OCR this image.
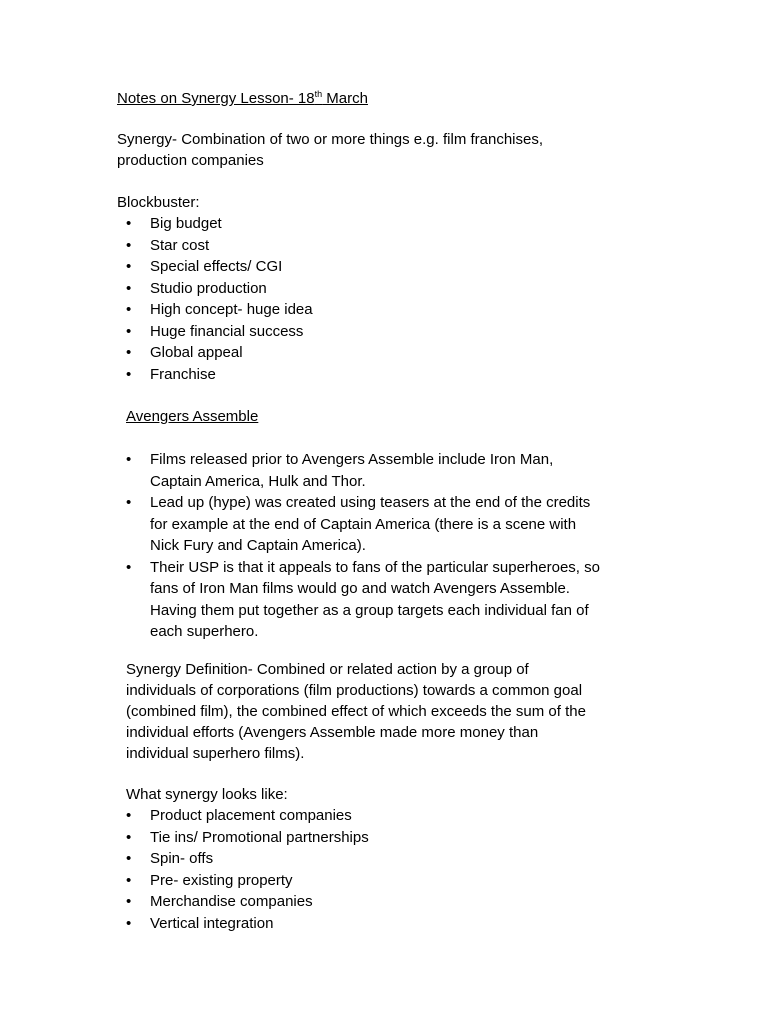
Notes on Synergy Lesson- 18th March
Synergy- Combination of two or more things e.g. film franchises,
production companies
Blockbuster:
•	Big budget
•	Star cost
•	Special effects/ CGI
•	Studio production
•	High concept- huge idea
•	Huge financial success
•	Global appeal
•	Franchise
Avengers Assemble
•	Films released prior to Avengers Assemble include Iron Man,
Captain America, Hulk and Thor.
•	Lead up (hype) was created using teasers at the end of the credits
for example at the end of Captain America (there is a scene with
Nick Fury and Captain America).
•	Their USP is that it appeals to fans of the particular superheroes, so
fans of Iron Man films would go and watch Avengers Assemble.
Having them put together as a group targets each individual fan of
each superhero.
Synergy Definition- Combined or related action by a group of
individuals of corporations (film productions) towards a common goal
(combined film), the combined effect of which exceeds the sum of the
individual efforts (Avengers Assemble made more money than
individual superhero films).
What synergy looks like:
•	Product placement companies
•	Tie ins/ Promotional partnerships
•	Spin- offs
•	Pre- existing property
•	Merchandise companies
•	Vertical integration
